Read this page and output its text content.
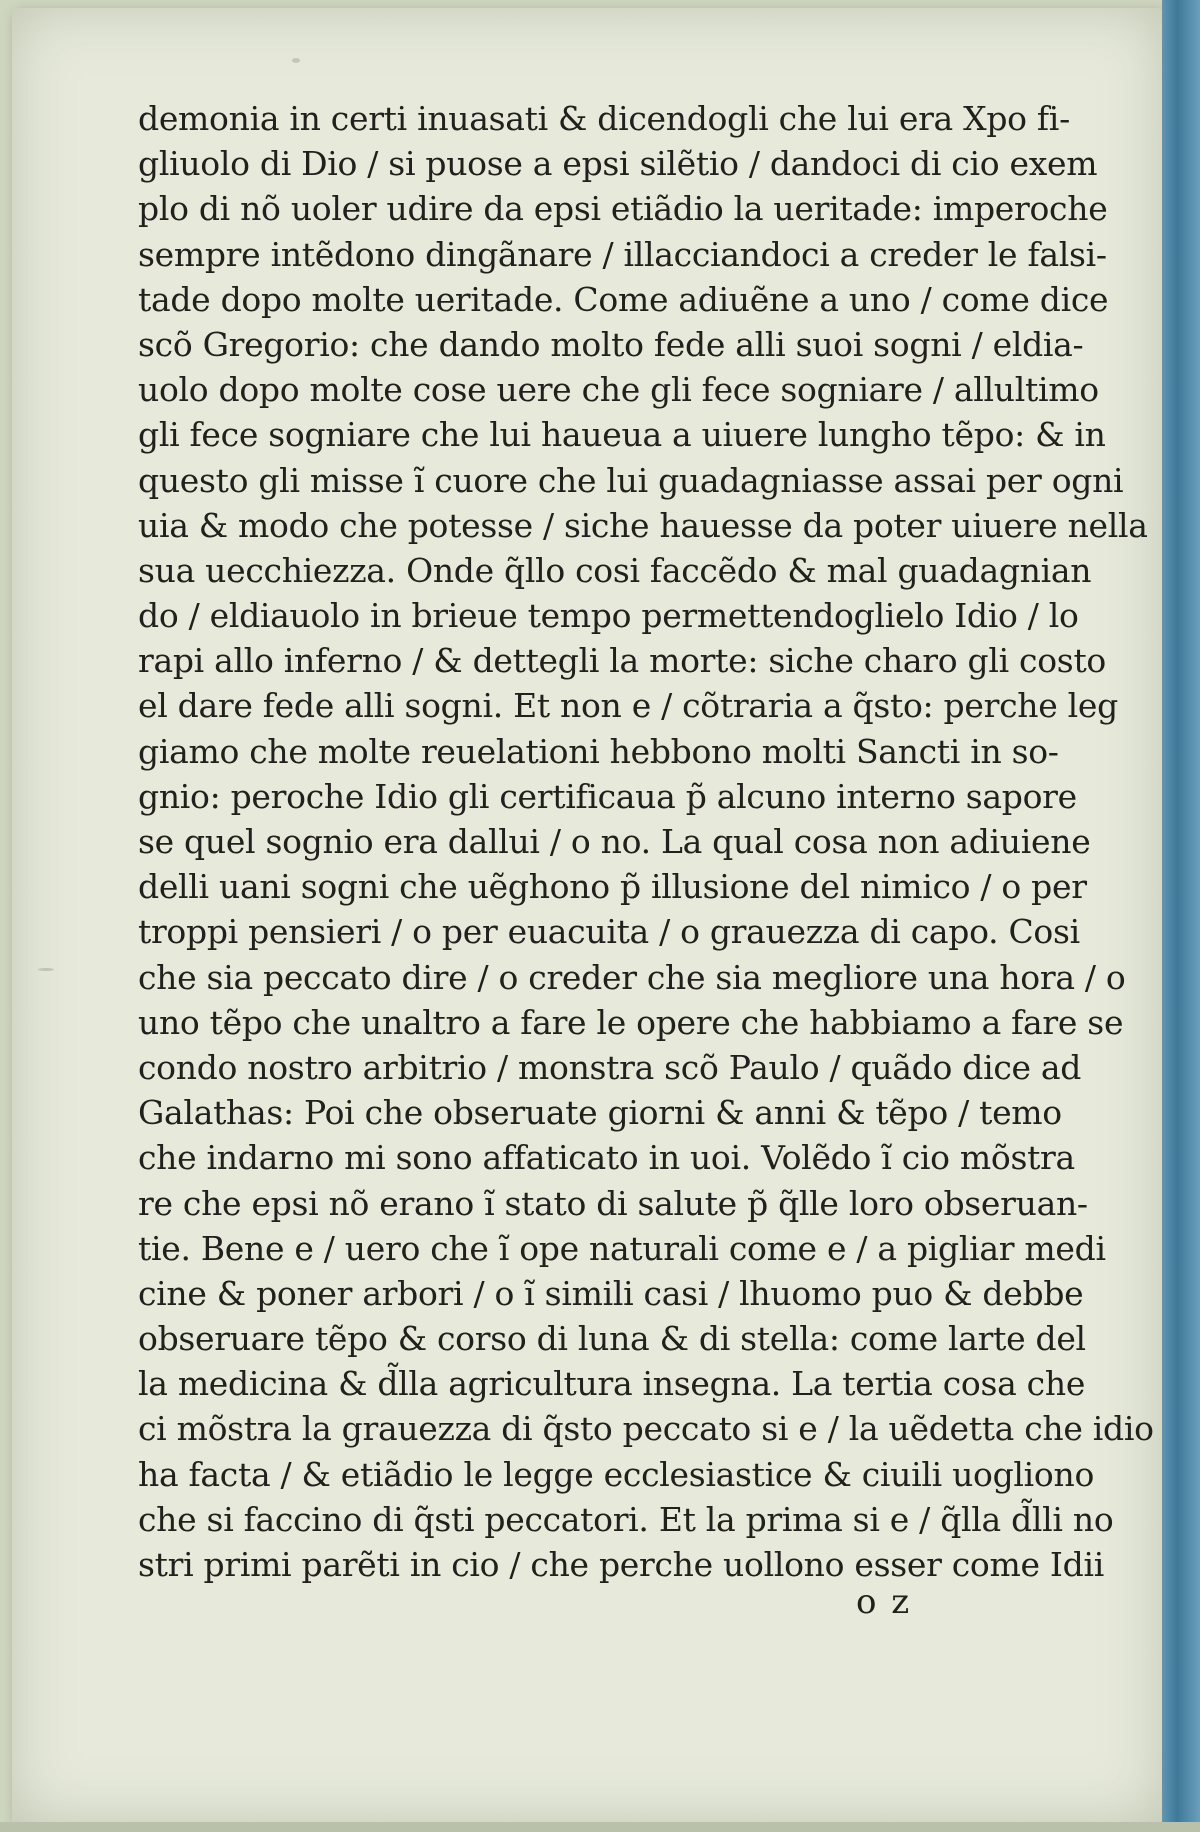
demonia in certi inuasati & dicendogli che lui era Xpo fi-
gliuolo di Dio / si puose a epsi silẽtio / dandoci di cio exem
plo di nõ uoler udire da epsi etiãdio la ueritade: imperoche
sempre intẽdono dingãnare / illacciandoci a creder le falsi-
tade dopo molte ueritade. Come adiuẽne a uno / come dice
scõ Gregorio: che dando molto fede alli suoi sogni / eldia-
uolo dopo molte cose uere che gli fece sogniare / allultimo
gli fece sogniare che lui haueua a uiuere lungho tẽpo: & in
questo gli misse ĩ cuore che lui guadagniasse assai per ogni
uia & modo che potesse / siche hauesse da poter uiuere nella
sua uecchiezza. Onde q̃llo cosi faccẽdo & mal guadagnian
do / eldiauolo in brieue tempo permettendoglielo Idio / lo
rapi allo inferno / & dettegli la morte: siche charo gli costo
el dare fede alli sogni. Et non e / cõtraria a q̃sto: perche leg
giamo che molte reuelationi hebbono molti Sancti in so-
gnio: peroche Idio gli certificaua p̃ alcuno interno sapore
se quel sognio era dallui / o no. La qual cosa non adiuiene
delli uani sogni che uẽghono p̃ illusione del nimico / o per
troppi pensieri / o per euacuita / o grauezza di capo. Cosi
che sia peccato dire / o creder che sia megliore una hora / o
uno tẽpo che unaltro a fare le opere che habbiamo a fare se
condo nostro arbitrio / monstra scõ Paulo / quãdo dice ad
Galathas: Poi che obseruate giorni & anni & tẽpo / temo
che indarno mi sono affaticato in uoi. Volẽdo ĩ cio mõstra
re che epsi nõ erano ĩ stato di salute p̃ q̃lle loro obseruan-
tie. Bene e / uero che ĩ ope naturali come e / a pigliar medi
cine & poner arbori / o ĩ simili casi / lhuomo puo & debbe
obseruare tẽpo & corso di luna & di stella: come larte del
la medicina & d̃lla agricultura insegna. La tertia cosa che
ci mõstra la grauezza di q̃sto peccato si e / la uẽdetta che idio
ha facta / & etiãdio le legge ecclesiastice & ciuili uogliono
che si faccino di q̃sti peccatori. Et la prima si e / q̃lla d̃lli no
stri primi parẽti in cio / che perche uollono esser come Idii
o z
